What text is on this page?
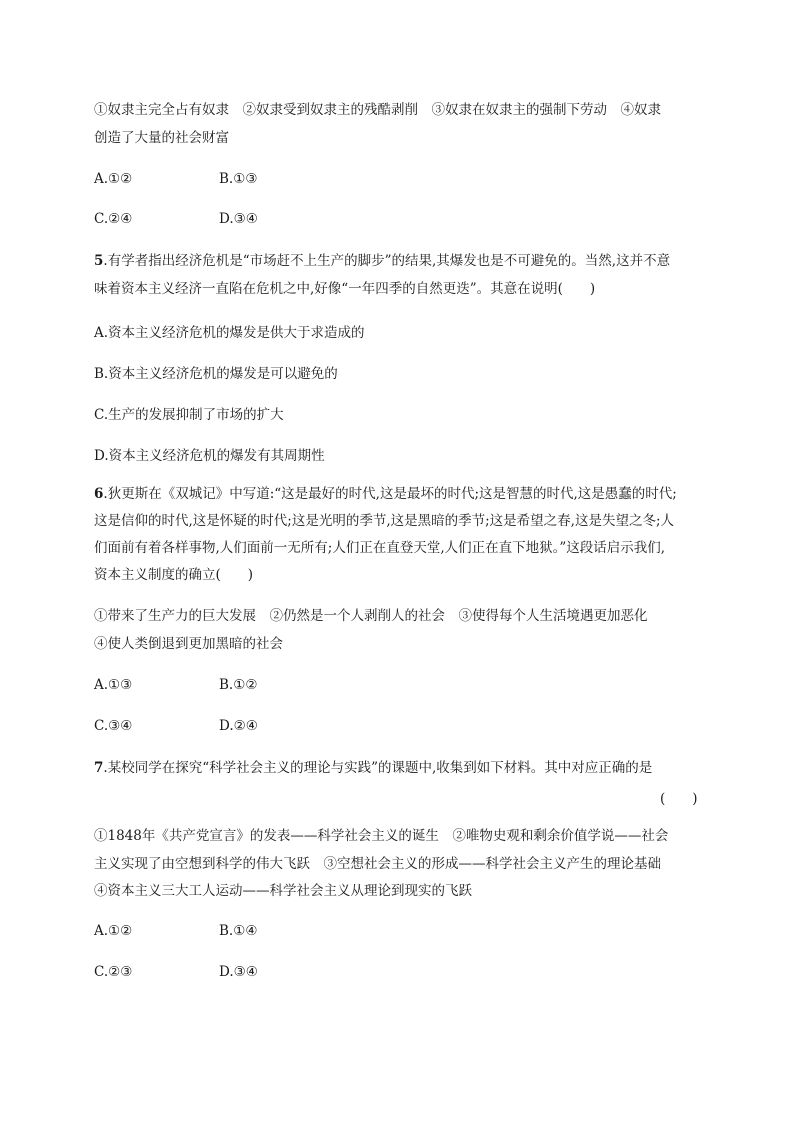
①奴隶主完全占有奴隶　②奴隶受到奴隶主的残酷剥削　③奴隶在奴隶主的强制下劳动　④奴隶
创造了大量的社会财富
A.①②	B.①③
C.②④	D.③④
5.有学者指出经济危机是“市场赶不上生产的脚步”的结果,其爆发也是不可避免的。当然,这并不意
味着资本主义经济一直陷在危机之中,好像“一年四季的自然更迭”。其意在说明(　　)
A.资本主义经济危机的爆发是供大于求造成的
B.资本主义经济危机的爆发是可以避免的
C.生产的发展抑制了市场的扩大
D.资本主义经济危机的爆发有其周期性
6.狄更斯在《双城记》中写道:“这是最好的时代,这是最坏的时代;这是智慧的时代,这是愚蠢的时代;
这是信仰的时代,这是怀疑的时代;这是光明的季节,这是黑暗的季节;这是希望之春,这是失望之冬;人
们面前有着各样事物,人们面前一无所有;人们正在直登天堂,人们正在直下地狱。”这段话启示我们,
资本主义制度的确立(　　)
①带来了生产力的巨大发展　②仍然是一个人剥削人的社会　③使得每个人生活境遇更加恶化
④使人类倒退到更加黑暗的社会
A.①③	B.①②
C.③④	D.②④
7.某校同学在探究“科学社会主义的理论与实践”的课题中,收集到如下材料。其中对应正确的是
(　　)
①1848年《共产党宣言》的发表——科学社会主义的诞生　②唯物史观和剩余价值学说——社会
主义实现了由空想到科学的伟大飞跃　③空想社会主义的形成——科学社会主义产生的理论基础
④资本主义三大工人运动——科学社会主义从理论到现实的飞跃
A.①②	B.①④
C.②③	D.③④
